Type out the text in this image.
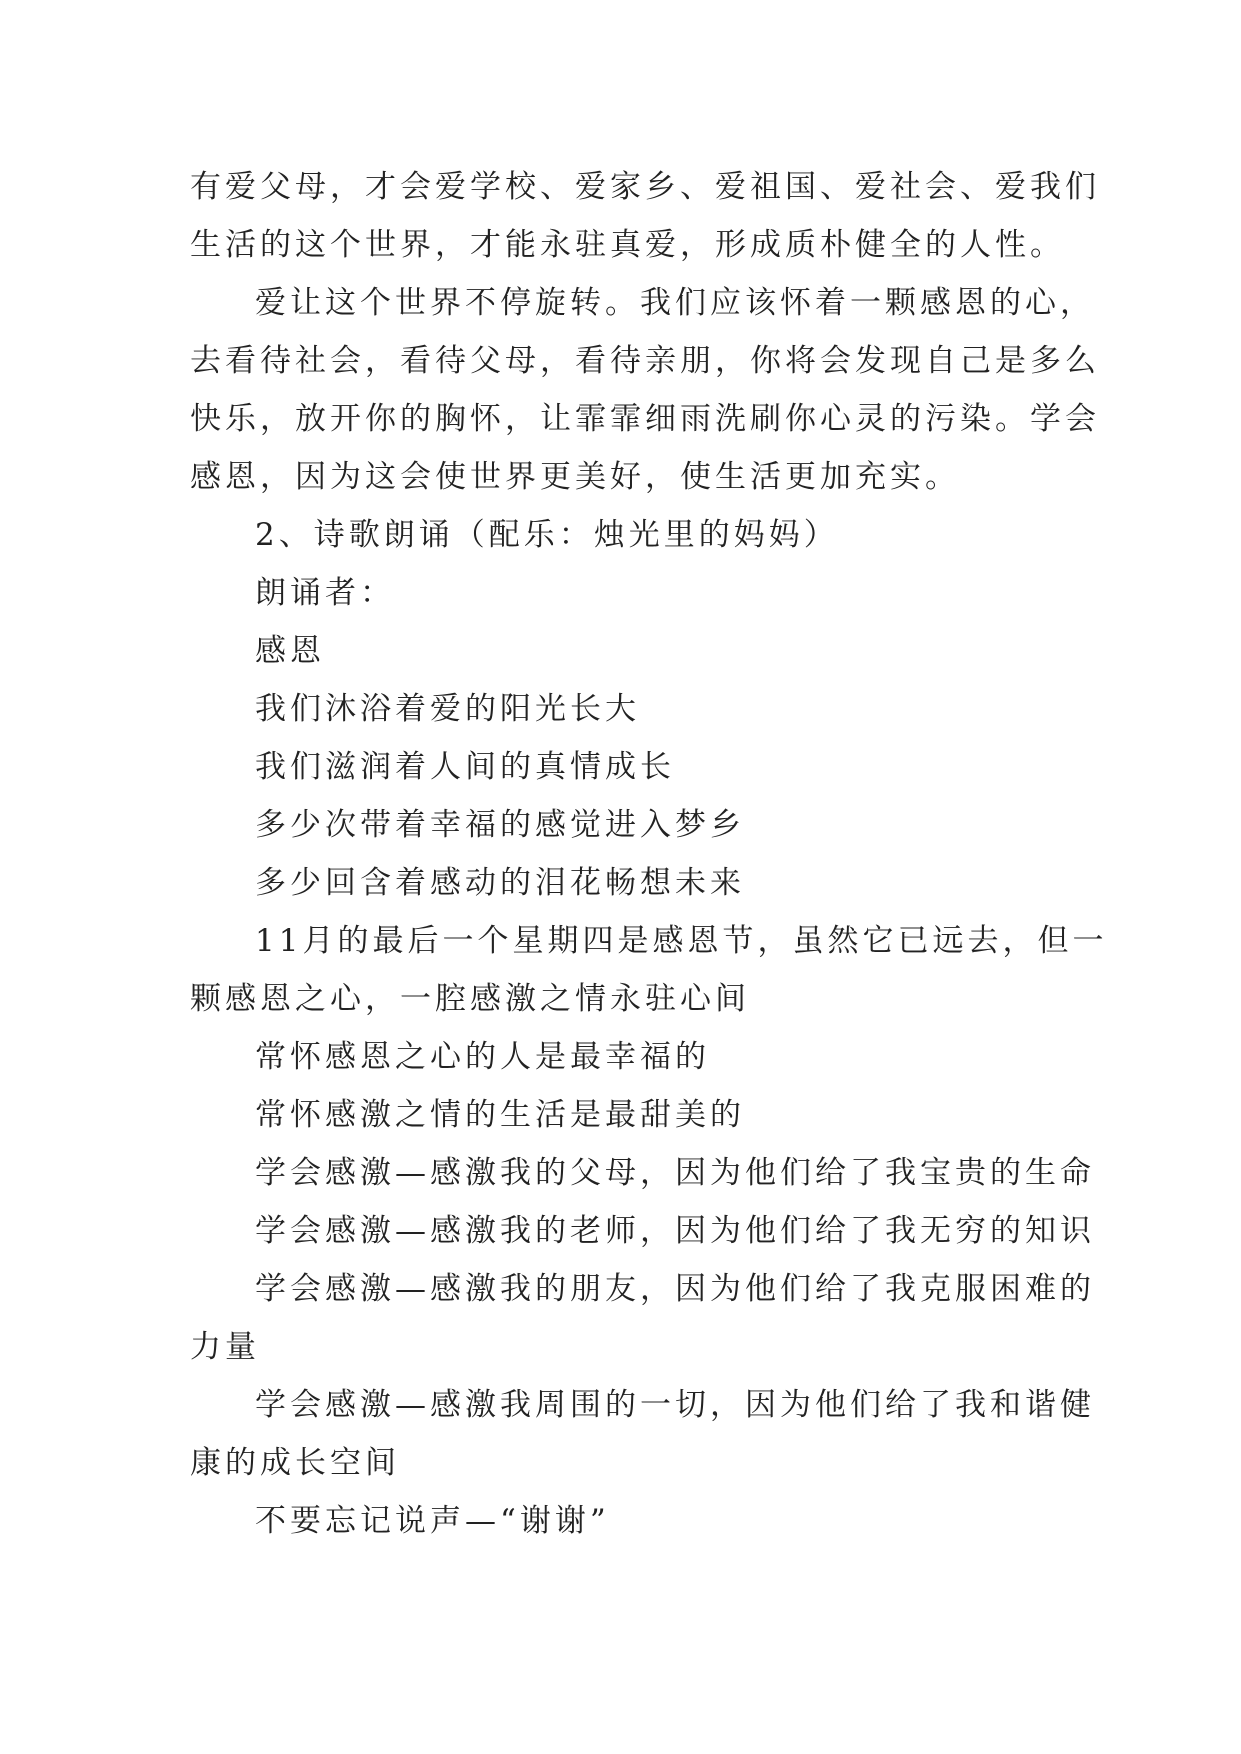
有爱父母，才会爱学校、爱家乡、爱祖国、爱社会、爱我们
生活的这个世界，才能永驻真爱，形成质朴健全的人性。
爱让这个世界不停旋转。我们应该怀着一颗感恩的心，
去看待社会，看待父母，看待亲朋，你将会发现自己是多么
快乐，放开你的胸怀，让霏霏细雨洗刷你心灵的污染。学会
感恩，因为这会使世界更美好，使生活更加充实。
2、诗歌朗诵（配乐：烛光里的妈妈）
朗诵者：
感恩
我们沐浴着爱的阳光长大
我们滋润着人间的真情成长
多少次带着幸福的感觉进入梦乡
多少回含着感动的泪花畅想未来
11月的最后一个星期四是感恩节，虽然它已远去，但一
颗感恩之心，一腔感激之情永驻心间
常怀感恩之心的人是最幸福的
常怀感激之情的生活是最甜美的
学会感激—感激我的父母，因为他们给了我宝贵的生命
学会感激—感激我的老师，因为他们给了我无穷的知识
学会感激—感激我的朋友，因为他们给了我克服困难的
力量
学会感激—感激我周围的一切，因为他们给了我和谐健
康的成长空间
不要忘记说声—“谢谢”
